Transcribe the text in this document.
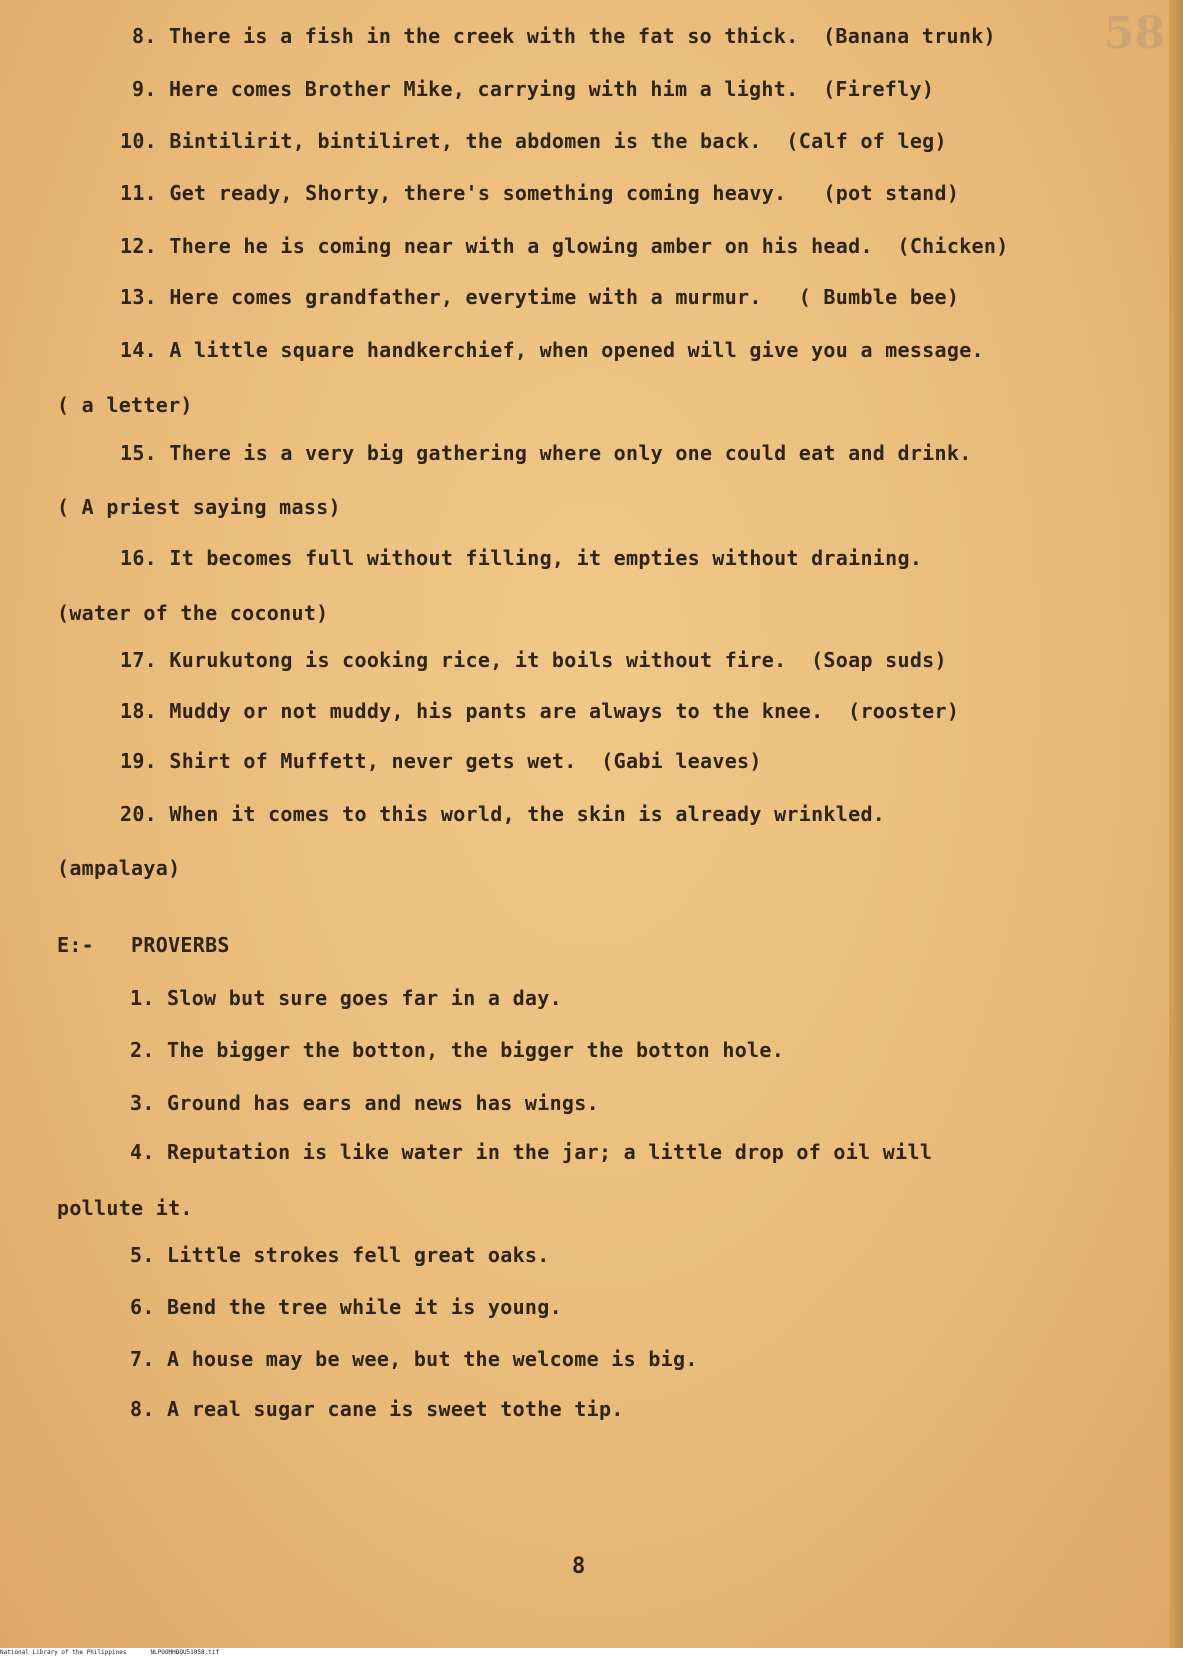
58
8. There is a fish in the creek with the fat so thick.  (Banana trunk)
9. Here comes Brother Mike, carrying with him a light.  (Firefly)
10. Bintilirit, bintiliret, the abdomen is the back.  (Calf of leg)
11. Get ready, Shorty, there's something coming heavy.   (pot stand)
12. There he is coming near with a glowing amber on his head.  (Chicken)
13. Here comes grandfather, everytime with a murmur.   ( Bumble bee)
14. A little square handkerchief, when opened will give you a message.
( a letter)
15. There is a very big gathering where only one could eat and drink.
( A priest saying mass)
16. It becomes full without filling, it empties without draining.
(water of the coconut)
17. Kurukutong is cooking rice, it boils without fire.  (Soap suds)
18. Muddy or not muddy, his pants are always to the knee.  (rooster)
19. Shirt of Muffett, never gets wet.  (Gabi leaves)
20. When it comes to this world, the skin is already wrinkled.
(ampalaya)
E:-   PROVERBS
1. Slow but sure goes far in a day.
2. The bigger the botton, the bigger the botton hole.
3. Ground has ears and news has wings.
4. Reputation is like water in the jar; a little drop of oil will
pollute it.
5. Little strokes fell great oaks.
6. Bend the tree while it is young.
7. A house may be wee, but the welcome is big.
8. A real sugar cane is sweet tothe tip.
8
National Library of the Philippines	NLPOOMHDQU51058.tif
